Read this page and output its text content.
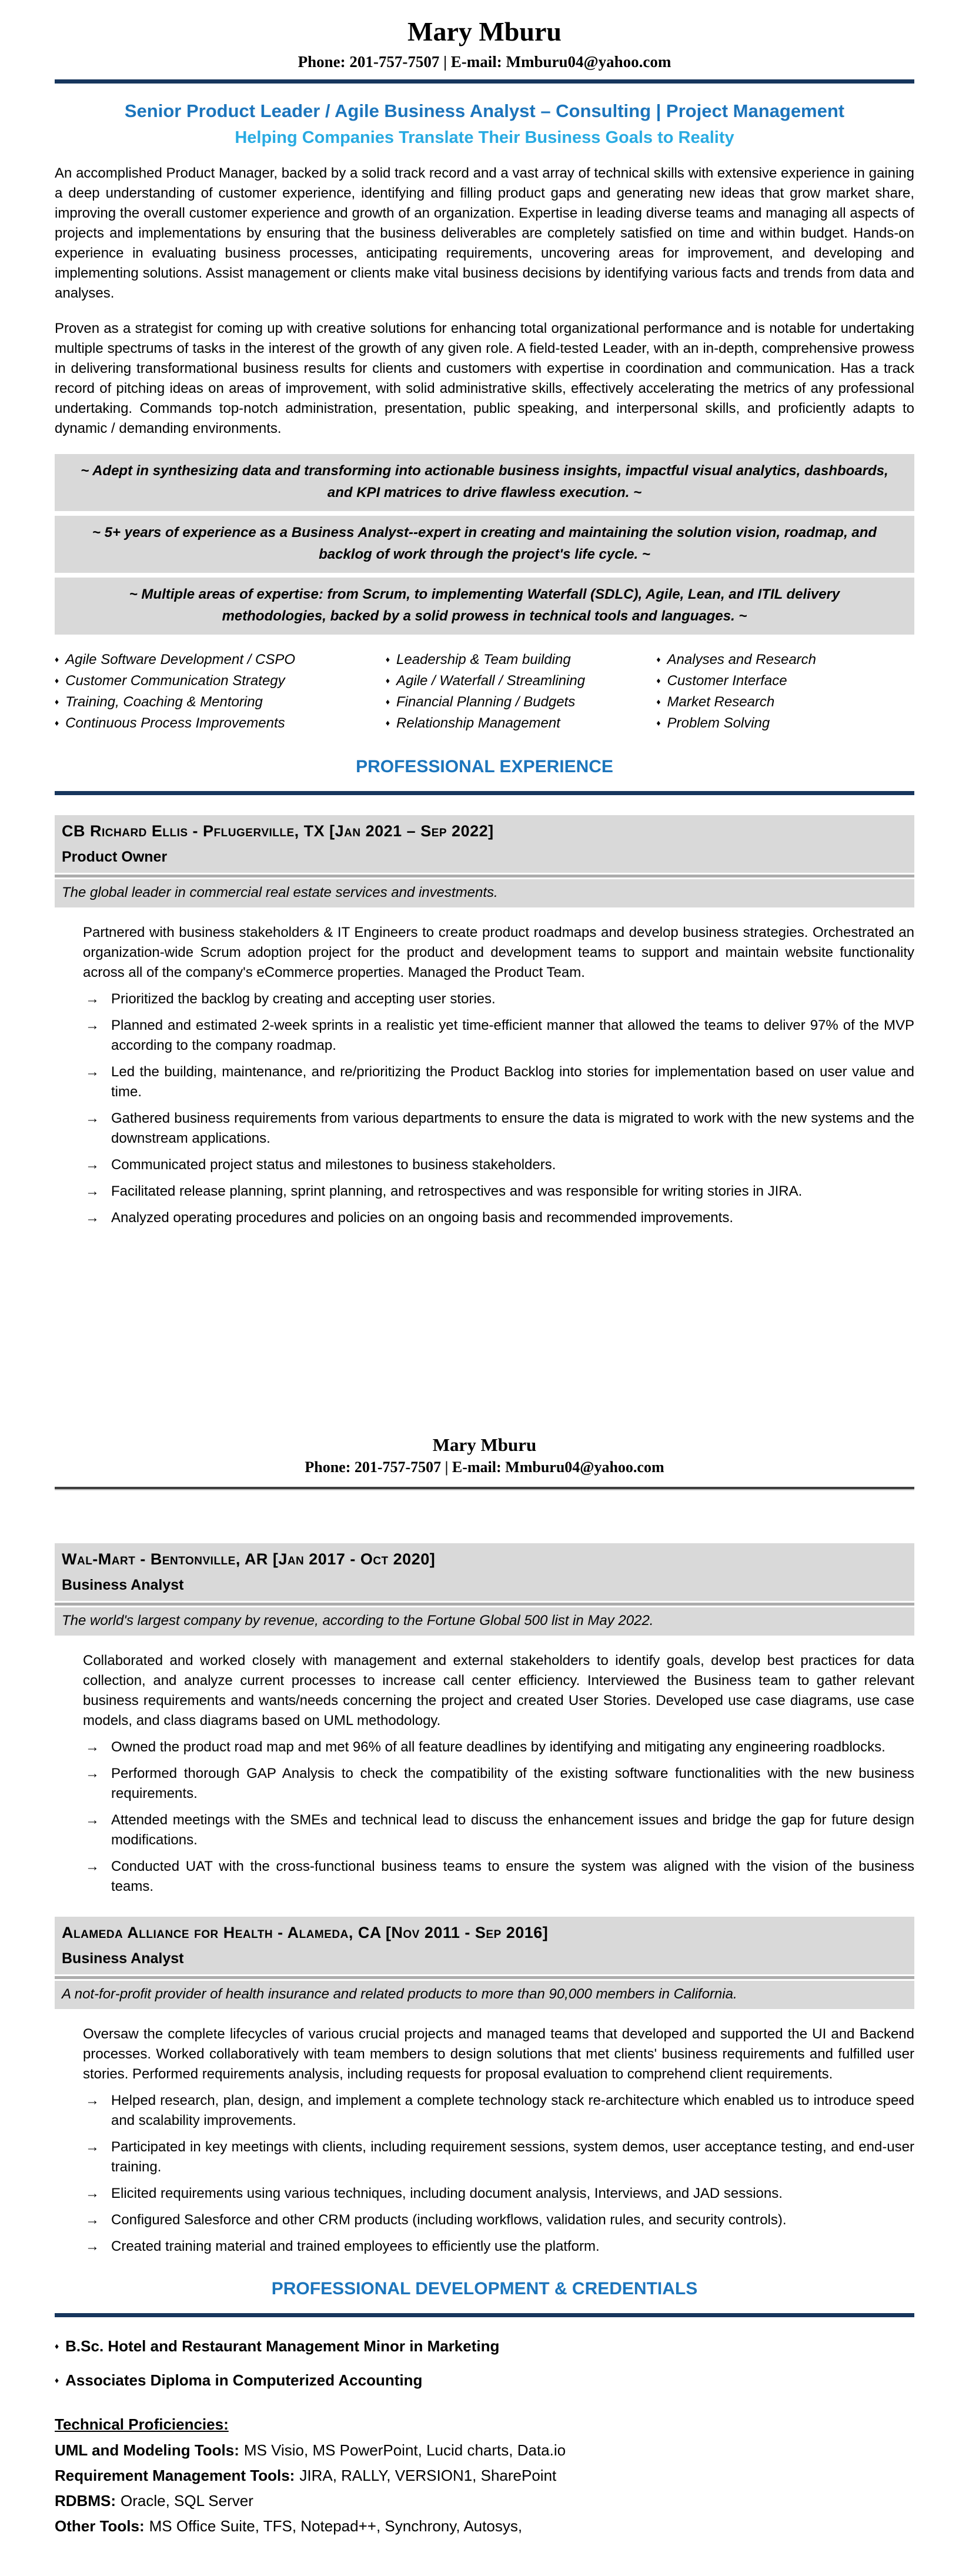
Mary Mburu
Phone: 201-757-7507 | E-mail: Mmburu04@yahoo.com
Senior Product Leader / Agile Business Analyst – Consulting | Project Management
Helping Companies Translate Their Business Goals to Reality

An accomplished Product Manager, backed by a solid track record and a vast array of technical skills with extensive experience in gaining a deep understanding of customer experience, identifying and filling product gaps and generating new ideas that grow market share, improving the overall customer experience and growth of an organization. Expertise in leading diverse teams and managing all aspects of projects and implementations by ensuring that the business deliverables are completely satisfied on time and within budget. Hands-on experience in evaluating business processes, anticipating requirements, uncovering areas for improvement, and developing and implementing solutions. Assist management or clients make vital business decisions by identifying various facts and trends from data and analyses.

Proven as a strategist for coming up with creative solutions for enhancing total organizational performance and is notable for undertaking multiple spectrums of tasks in the interest of the growth of any given role. A field-tested Leader, with an in-depth, comprehensive prowess in delivering transformational business results for clients and customers with expertise in coordination and communication. Has a track record of pitching ideas on areas of improvement, with solid administrative skills, effectively accelerating the metrics of any professional undertaking. Commands top-notch administration, presentation, public speaking, and interpersonal skills, and proficiently adapts to dynamic / demanding environments.

~ Adept in synthesizing data and transforming into actionable business insights, impactful visual analytics, dashboards, and KPI matrices to drive flawless execution. ~
~ 5+ years of experience as a Business Analyst--expert in creating and maintaining the solution vision, roadmap, and backlog of work through the project's life cycle. ~
~ Multiple areas of expertise: from Scrum, to implementing Waterfall (SDLC), Agile, Lean, and ITIL delivery methodologies, backed by a solid prowess in technical tools and languages. ~
♦ Agile Software Development / CSPO
♦ Customer Communication Strategy
♦ Training, Coaching & Mentoring
♦ Continuous Process Improvements
♦ Leadership & Team building
♦ Agile / Waterfall / Streamlining
♦ Financial Planning / Budgets
♦ Relationship Management
♦ Analyses and Research
♦ Customer Interface
♦ Market Research
♦ Problem Solving
PROFESSIONAL EXPERIENCE
CB Richard Ellis - Pflugerville, TX [Jan 2021 – Sep 2022]
Product Owner
The global leader in commercial real estate services and investments.

Partnered with business stakeholders & IT Engineers to create product roadmaps and develop business strategies. Orchestrated an organization-wide Scrum adoption project for the product and development teams to support and maintain website functionality across all of the company's eCommerce properties. Managed the Product Team.

→ Prioritized the backlog by creating and accepting user stories.
→ Planned and estimated 2-week sprints in a realistic yet time-efficient manner that allowed the teams to deliver 97% of the MVP according to the company roadmap.
→ Led the building, maintenance, and re/prioritizing the Product Backlog into stories for implementation based on user value and time.
→ Gathered business requirements from various departments to ensure the data is migrated to work with the new systems and the downstream applications.
→ Communicated project status and milestones to business stakeholders.
→ Facilitated release planning, sprint planning, and retrospectives and was responsible for writing stories in JIRA.
→ Analyzed operating procedures and policies on an ongoing basis and recommended improvements.
Mary Mburu
Phone: 201-757-7507 | E-mail: Mmburu04@yahoo.com
Wal-Mart - Bentonville, AR [Jan 2017 - Oct 2020]
Business Analyst
The world's largest company by revenue, according to the Fortune Global 500 list in May 2022.

Collaborated and worked closely with management and external stakeholders to identify goals, develop best practices for data collection, and analyze current processes to increase call center efficiency. Interviewed the Business team to gather relevant business requirements and wants/needs concerning the project and created User Stories. Developed use case diagrams, use case models, and class diagrams based on UML methodology.

→ Owned the product road map and met 96% of all feature deadlines by identifying and mitigating any engineering roadblocks.
→ Performed thorough GAP Analysis to check the compatibility of the existing software functionalities with the new business requirements.
→ Attended meetings with the SMEs and technical lead to discuss the enhancement issues and bridge the gap for future design modifications.
→ Conducted UAT with the cross-functional business teams to ensure the system was aligned with the vision of the business teams.
Alameda Alliance for Health - Alameda, CA [Nov 2011 - Sep 2016]
Business Analyst
A not-for-profit provider of health insurance and related products to more than 90,000 members in California.

Oversaw the complete lifecycles of various crucial projects and managed teams that developed and supported the UI and Backend processes. Worked collaboratively with team members to design solutions that met clients' business requirements and fulfilled user stories. Performed requirements analysis, including requests for proposal evaluation to comprehend client requirements.

→ Helped research, plan, design, and implement a complete technology stack re-architecture which enabled us to introduce speed and scalability improvements.
→ Participated in key meetings with clients, including requirement sessions, system demos, user acceptance testing, and end-user training.
→ Elicited requirements using various techniques, including document analysis, Interviews, and JAD sessions.
→ Configured Salesforce and other CRM products (including workflows, validation rules, and security controls).
→ Created training material and trained employees to efficiently use the platform.
PROFESSIONAL DEVELOPMENT & CREDENTIALS
♦ B.Sc. Hotel and Restaurant Management Minor in Marketing
♦ Associates Diploma in Computerized Accounting
Technical Proficiencies:
UML and Modeling Tools: MS Visio, MS PowerPoint, Lucid charts, Data.io
Requirement Management Tools: JIRA, RALLY, VERSION1, SharePoint
RDBMS: Oracle, SQL Server
Other Tools: MS Office Suite, TFS, Notepad++, Synchrony, Autosys,
